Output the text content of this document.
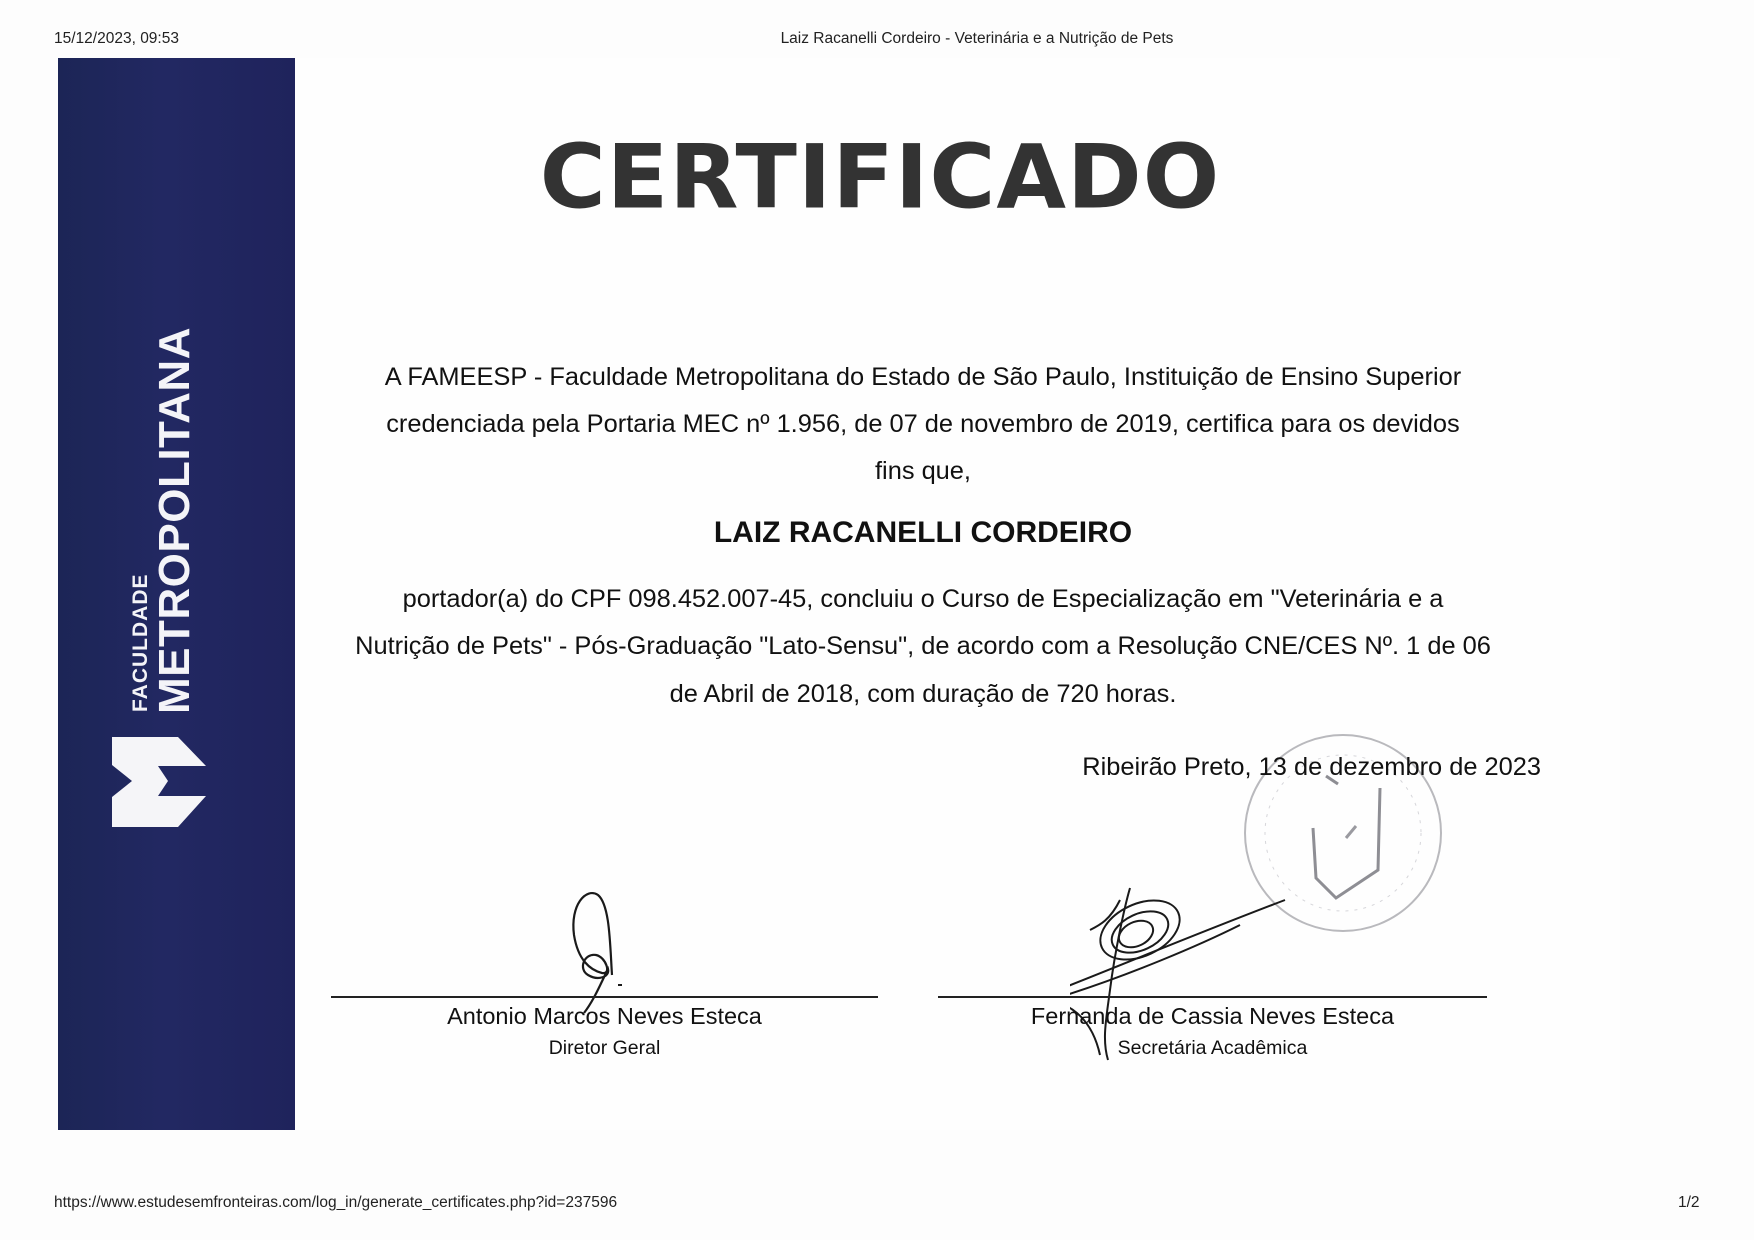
15/12/2023, 09:53	Laiz Racanelli Cordeiro - Veterinária e a Nutrição de Pets
FACULDADE
METROPOLITANA
CERTIFICADO
A FAMEESP - Faculdade Metropolitana do Estado de São Paulo, Instituição de Ensino Superior
credenciada pela Portaria MEC nº 1.956, de 07 de novembro de 2019, certifica para os devidos
fins que,
LAIZ RACANELLI CORDEIRO
portador(a) do CPF 098.452.007-45, concluiu o Curso de Especialização em "Veterinária e a
Nutrição de Pets" - Pós-Graduação "Lato-Sensu", de acordo com a Resolução CNE/CES Nº. 1 de 06
de Abril de 2018, com duração de 720 horas.
Ribeirão Preto, 13 de dezembro de 2023
Antonio Marcos Neves Esteca
Diretor Geral
Fernanda de Cassia Neves Esteca
Secretária Acadêmica
https://www.estudesemfronteiras.com/log_in/generate_certificates.php?id=237596	1/2
